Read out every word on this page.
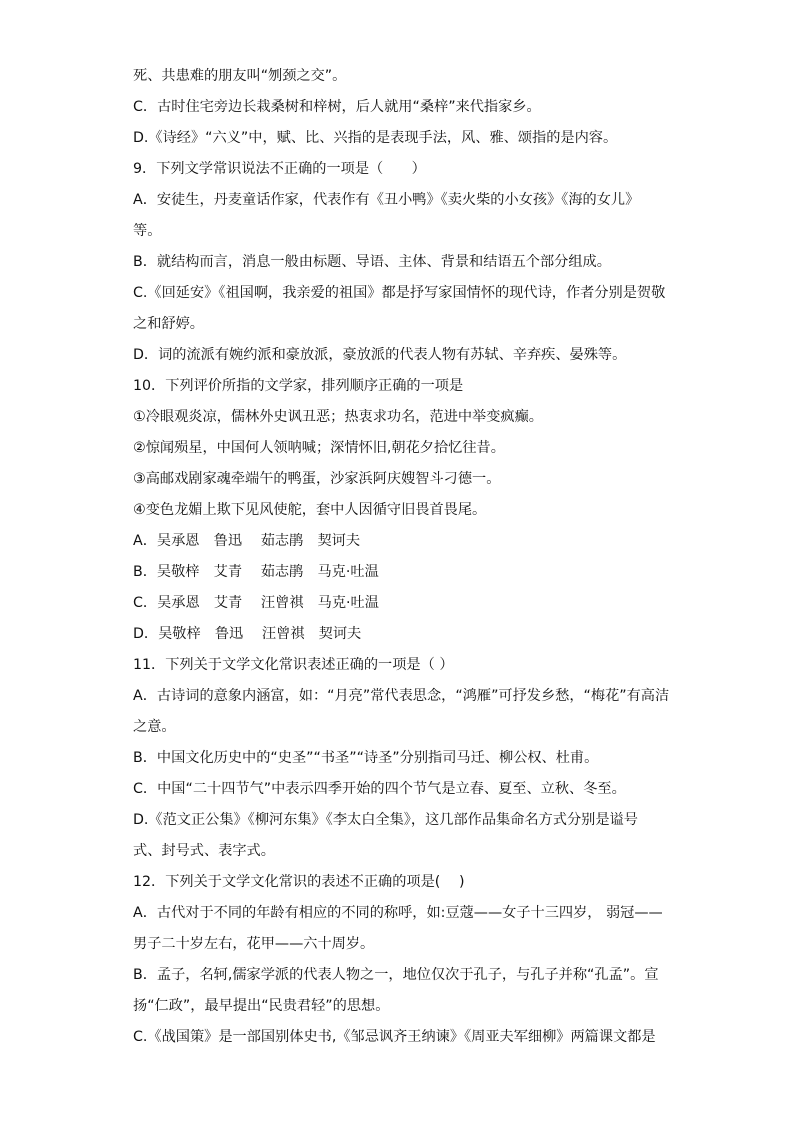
死、共患难的朋友叫“刎颈之交”。
C．古时住宅旁边长栽桑树和梓树，后人就用“桑梓”来代指家乡。
D.《诗经》“六义”中，赋、比、兴指的是表现手法，风、雅、颂指的是内容。
9．下列文学常识说法不正确的一项是（　　）
A．安徒生，丹麦童话作家，代表作有《丑小鸭》《卖火柴的小女孩》《海的女儿》
等。
B．就结构而言，消息一般由标题、导语、主体、背景和结语五个部分组成。
C.《回延安》《祖国啊，我亲爱的祖国》都是抒写家国情怀的现代诗，作者分别是贺敬
之和舒婷。
D．词的流派有婉约派和豪放派，豪放派的代表人物有苏轼、辛弃疾、晏殊等。
10．下列评价所指的文学家，排列顺序正确的一项是
①冷眼观炎凉，儒林外史讽丑恶；热衷求功名，范进中举变疯癫。
②惊闻殒星，中国何人领呐喊；深情怀旧,朝花夕拾忆往昔。
③高邮戏剧家魂牵端午的鸭蛋，沙家浜阿庆嫂智斗刁德一。
④变色龙媚上欺下见风使舵，套中人因循守旧畏首畏尾。
A．吴承恩　鲁迅　 茹志鹃　契诃夫
B．吴敬梓　艾青　 茹志鹃　马克·吐温
C．吴承恩　艾青　 汪曾祺　马克·吐温
D．吴敬梓　鲁迅　 汪曾祺　契诃夫
11．下列关于文学文化常识表述正确的一项是（ ）
A．古诗词的意象内涵富，如：“月亮”常代表思念，“鸿雁”可抒发乡愁，“梅花”有高洁
之意。
B．中国文化历史中的“史圣”“书圣”“诗圣”分别指司马迁、柳公权、杜甫。
C．中国“二十四节气”中表示四季开始的四个节气是立春、夏至、立秋、冬至。
D.《范文正公集》《柳河东集》《李太白全集》，这几部作品集命名方式分别是谥号
式、封号式、表字式。
12．下列关于文学文化常识的表述不正确的项是(　 )
A．古代对于不同的年龄有相应的不同的称呼，如:豆蔻——女子十三四岁， 弱冠——
男子二十岁左右，花甲——六十周岁。
B．孟子，名轲,儒家学派的代表人物之一，地位仅次于孔子，与孔子并称“孔孟”。宣
扬“仁政”，最早提出“民贵君轻”的思想。
C.《战国策》是一部国别体史书,《邹忌讽齐王纳谏》《周亚夫军细柳》两篇课文都是
